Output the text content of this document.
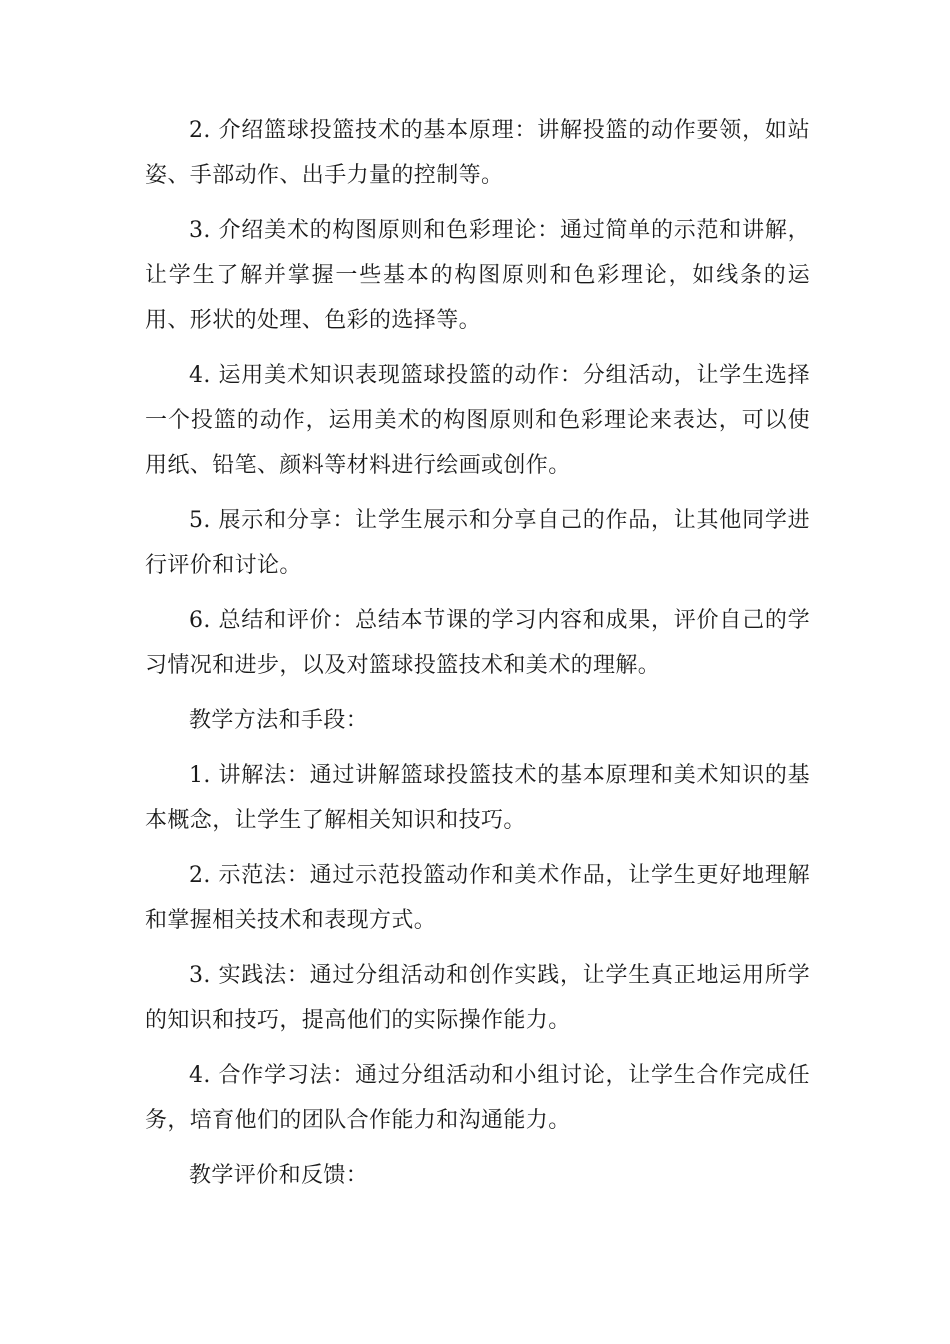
2. 介绍篮球投篮技术的基本原理：讲解投篮的动作要领，如站姿、手部动作、出手力量的控制等。

3. 介绍美术的构图原则和色彩理论：通过简单的示范和讲解，让学生了解并掌握一些基本的构图原则和色彩理论，如线条的运用、形状的处理、色彩的选择等。

4. 运用美术知识表现篮球投篮的动作：分组活动，让学生选择一个投篮的动作，运用美术的构图原则和色彩理论来表达，可以使用纸、铅笔、颜料等材料进行绘画或创作。

5. 展示和分享：让学生展示和分享自己的作品，让其他同学进行评价和讨论。

6. 总结和评价：总结本节课的学习内容和成果，评价自己的学习情况和进步，以及对篮球投篮技术和美术的理解。

教学方法和手段：

1. 讲解法：通过讲解篮球投篮技术的基本原理和美术知识的基本概念，让学生了解相关知识和技巧。

2. 示范法：通过示范投篮动作和美术作品，让学生更好地理解和掌握相关技术和表现方式。

3. 实践法：通过分组活动和创作实践，让学生真正地运用所学的知识和技巧，提高他们的实际操作能力。

4. 合作学习法：通过分组活动和小组讨论，让学生合作完成任务，培育他们的团队合作能力和沟通能力。

教学评价和反馈：
